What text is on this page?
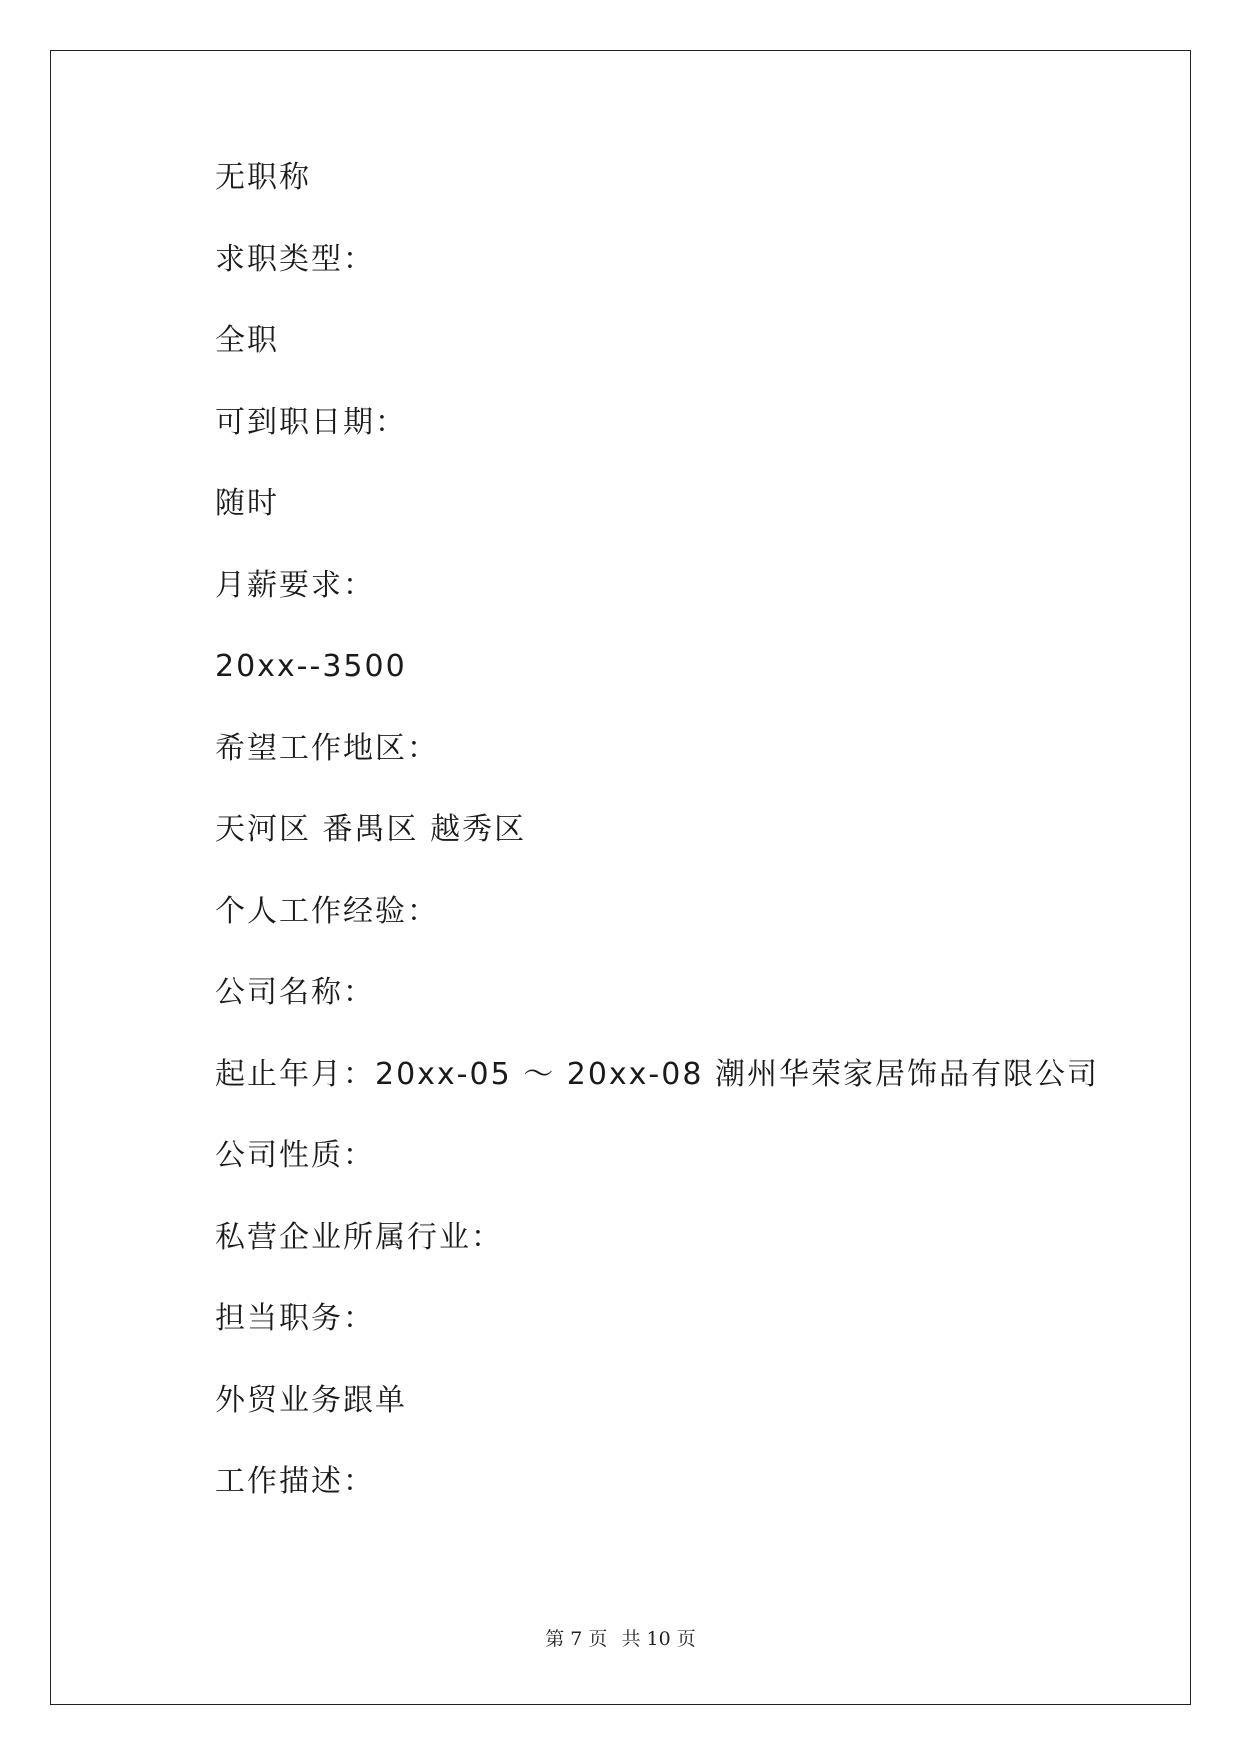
无职称
求职类型：
全职
可到职日期：
随时
月薪要求：
20xx--3500
希望工作地区：
天河区 番禺区 越秀区
个人工作经验：
公司名称：
起止年月：20xx-05 ～ 20xx-08 潮州华荣家居饰品有限公司
公司性质：
私营企业所属行业：
担当职务：
外贸业务跟单
工作描述：
第 7 页 共 10 页
